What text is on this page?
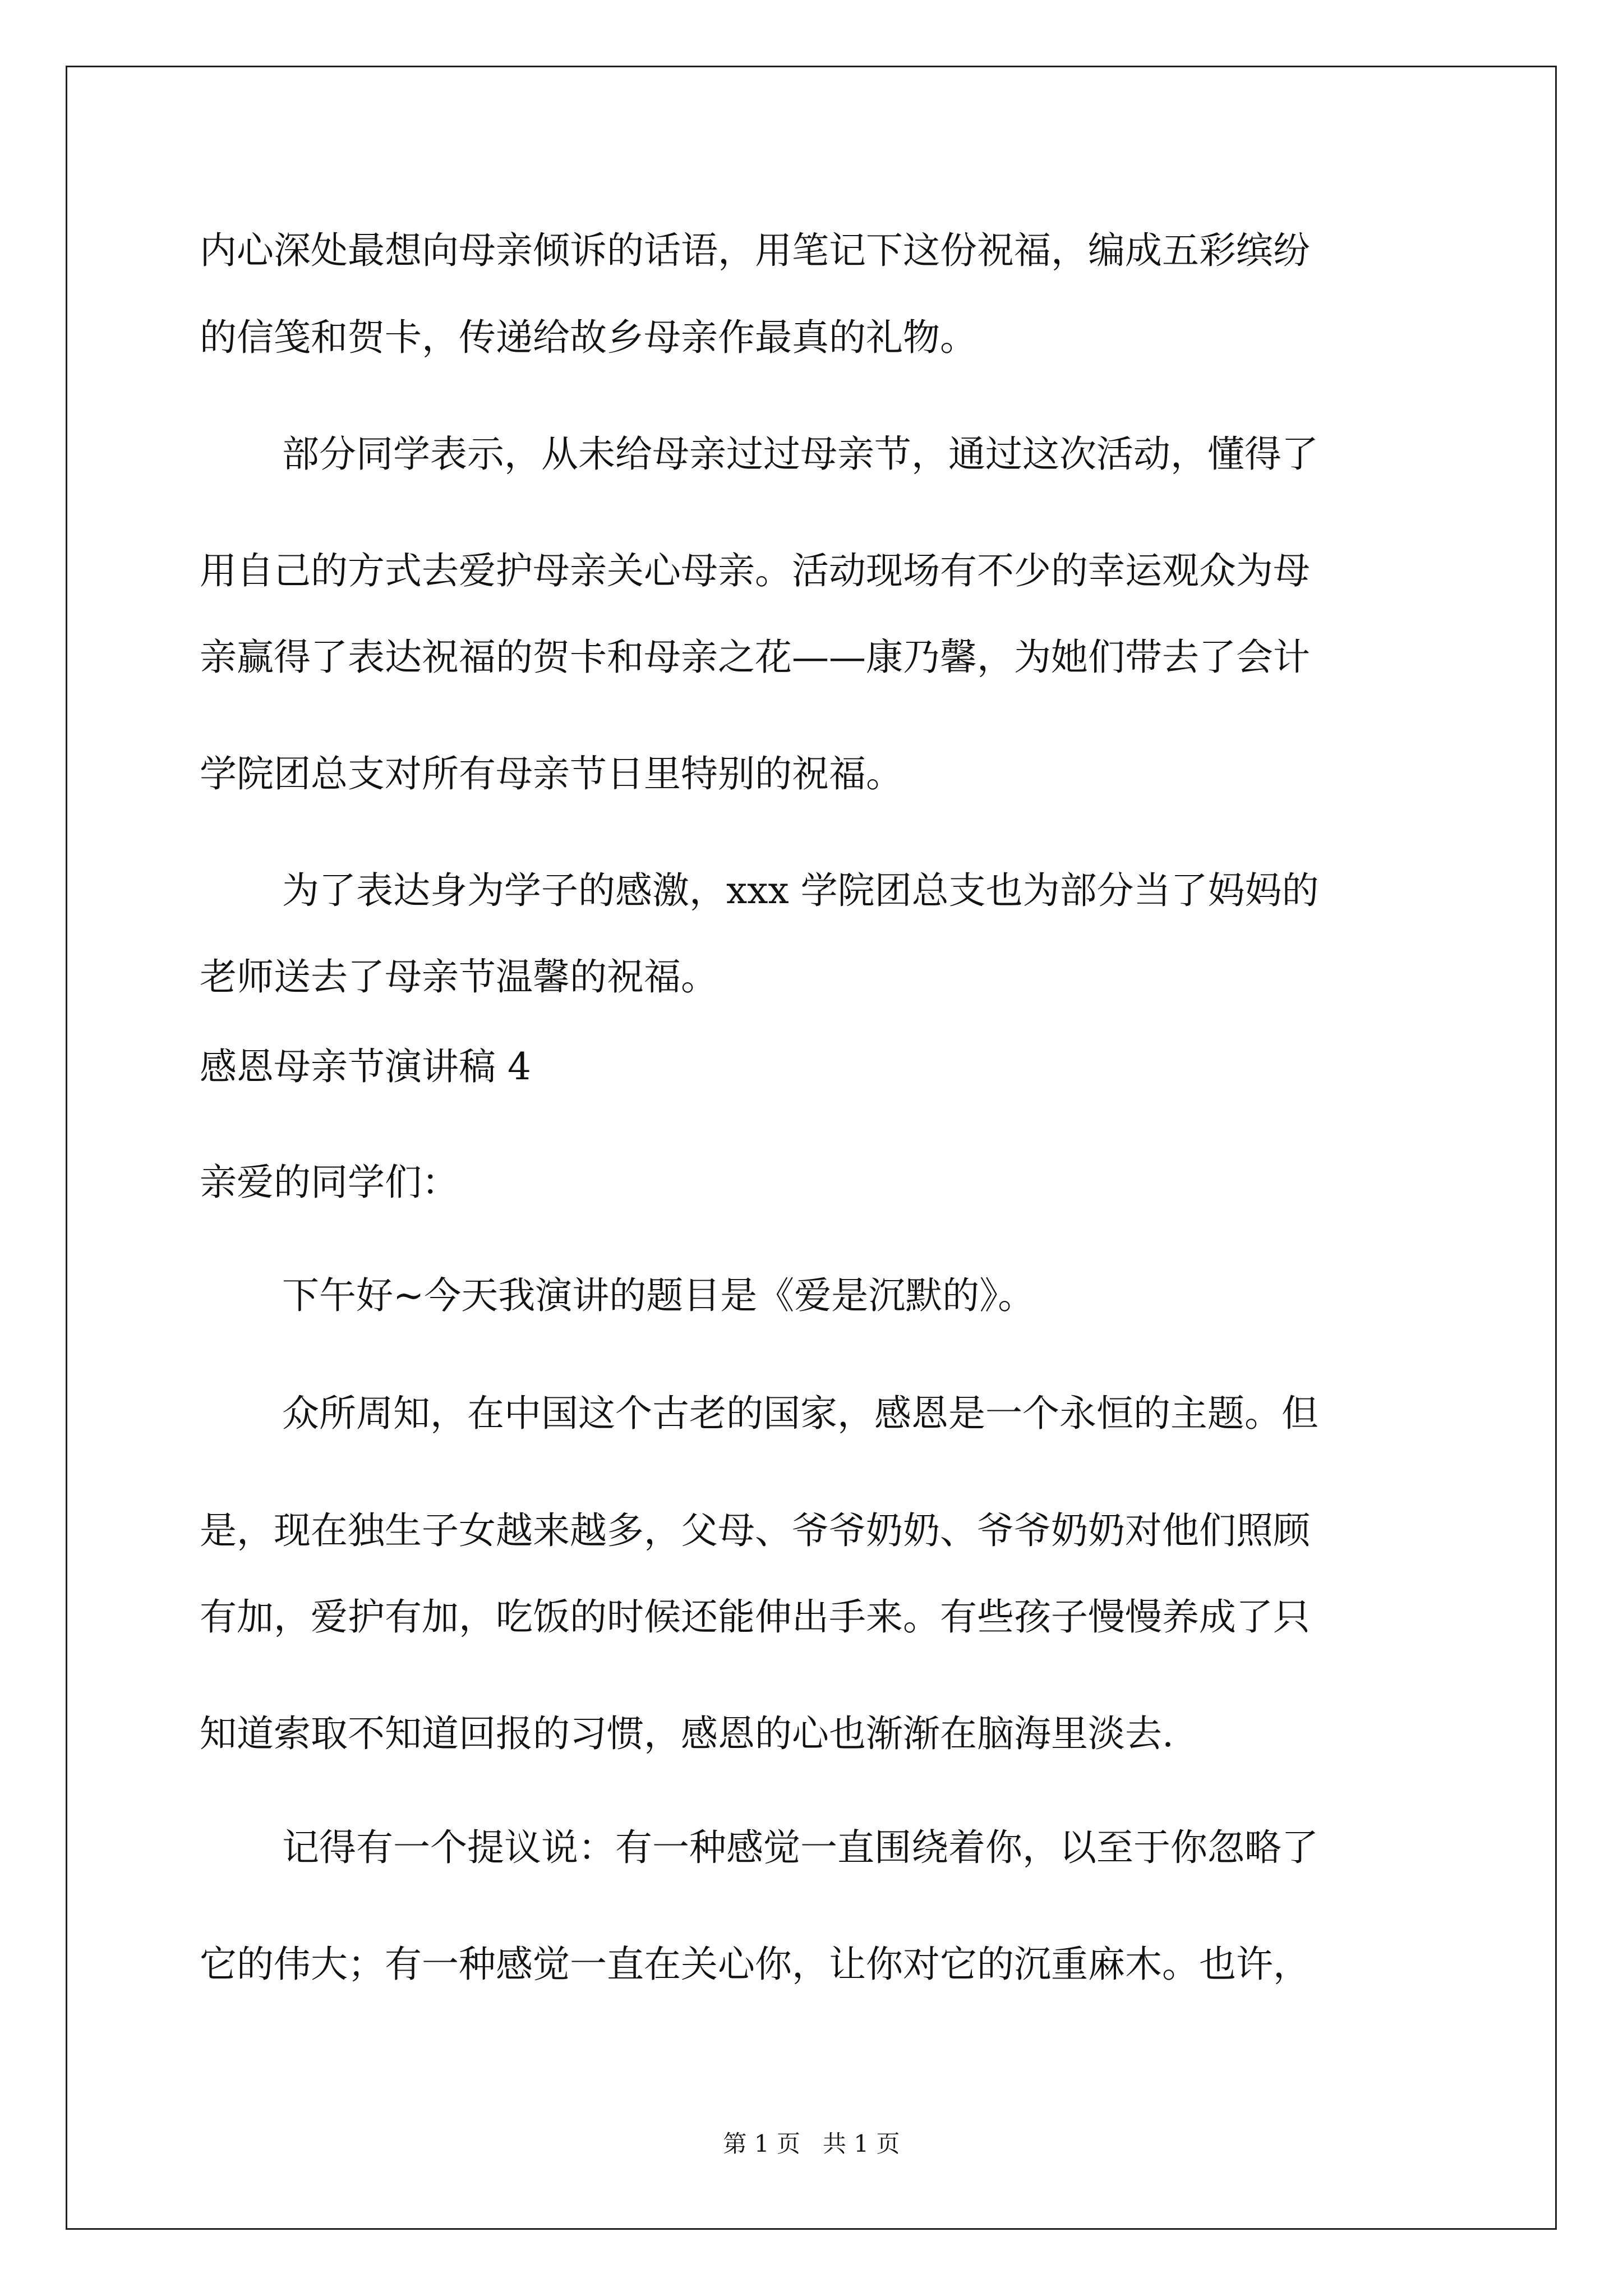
内心深处最想向母亲倾诉的话语，用笔记下这份祝福，编成五彩缤纷
的信笺和贺卡，传递给故乡母亲作最真的礼物。
部分同学表示，从未给母亲过过母亲节，通过这次活动，懂得了
用自己的方式去爱护母亲关心母亲。活动现场有不少的幸运观众为母
亲赢得了表达祝福的贺卡和母亲之花——康乃馨，为她们带去了会计
学院团总支对所有母亲节日里特别的祝福。
为了表达身为学子的感激，xxx 学院团总支也为部分当了妈妈的
老师送去了母亲节温馨的祝福。
感恩母亲节演讲稿 4
亲爱的同学们：
下午好~今天我演讲的题目是《爱是沉默的》。
众所周知，在中国这个古老的国家，感恩是一个永恒的主题。但
是，现在独生子女越来越多，父母、爷爷奶奶、爷爷奶奶对他们照顾
有加，爱护有加，吃饭的时候还能伸出手来。有些孩子慢慢养成了只
知道索取不知道回报的习惯，感恩的心也渐渐在脑海里淡去.
记得有一个提议说：有一种感觉一直围绕着你，以至于你忽略了
它的伟大；有一种感觉一直在关心你，让你对它的沉重麻木。也许，
第 1 页 共 1 页
